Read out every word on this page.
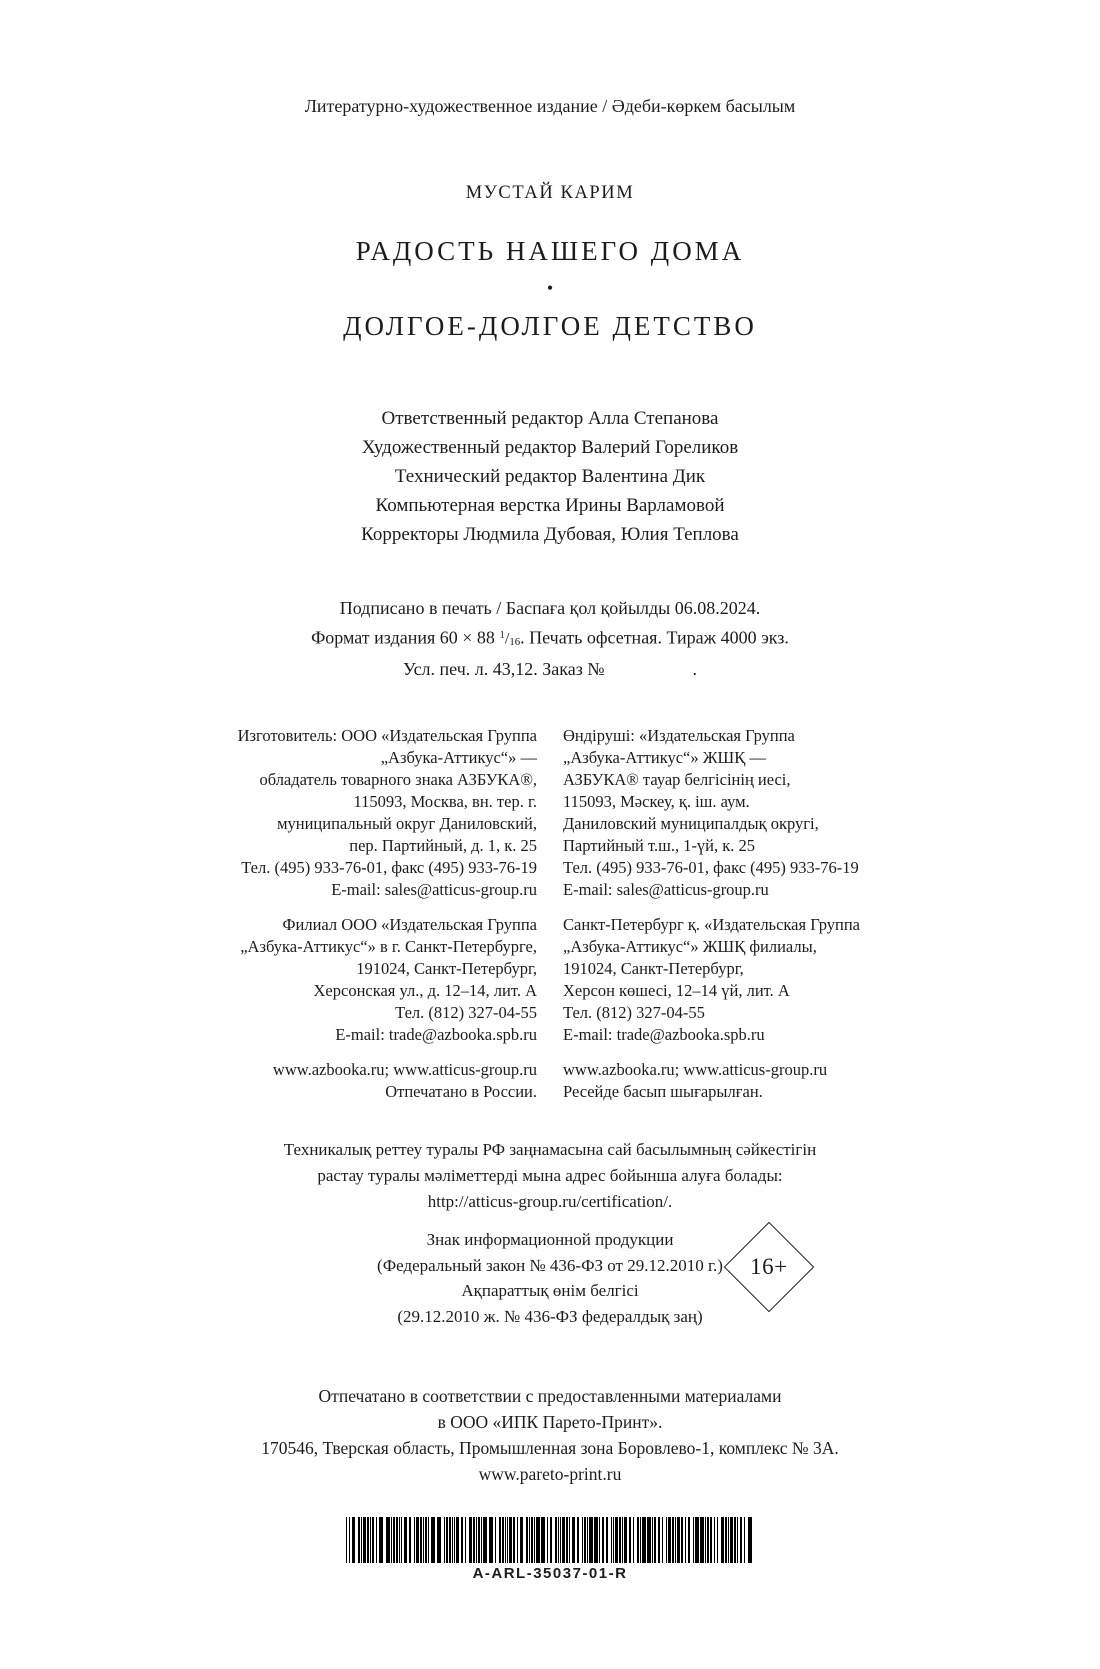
Литературно-художественное издание / Әдеби-көркем басылым
МУСТАЙ КАРИМ
РАДОСТЬ НАШЕГО ДОМА
•
ДОЛГОЕ-ДОЛГОЕ ДЕТСТВО
Ответственный редактор Алла Степанова
Художественный редактор Валерий Гореликов
Технический редактор Валентина Дик
Компьютерная верстка Ирины Варламовой
Корректоры Людмила Дубовая, Юлия Теплова
Подписано в печать / Баспаға қол қойылды 06.08.2024.
Формат издания 60 × 88 $^1$/16. Печать офсетная. Тираж 4000 экз.
Усл. печ. л. 43,12. Заказ №	.
Изготовитель: ООО «Издательская Группа
„Азбука-Аттикус“» —
обладатель товарного знака АЗБУКА®,
115093, Москва, вн. тер. г.
муниципальный округ Даниловский,
пер. Партийный, д. 1, к. 25
Тел. (495) 933-76-01, факс (495) 933-76-19
E-mail: sales@atticus-group.ru
Филиал ООО «Издательская Группа
„Азбука-Аттикус“» в г. Санкт-Петербурге,
191024, Санкт-Петербург,
Херсонская ул., д. 12–14, лит. А
Тел. (812) 327-04-55
E-mail: trade@azbooka.spb.ru
www.azbooka.ru; www.atticus-group.ru
Отпечатано в России.
Өндіруші: «Издательская Группа
„Азбука-Аттикус“» ЖШҚ —
АЗБУКА® тауар белгісінің иесі,
115093, Мәскеу, қ. іш. аум.
Даниловский муниципалдық округі,
Партийный т.ш., 1-үй, к. 25
Тел. (495) 933-76-01, факс (495) 933-76-19
E-mail: sales@atticus-group.ru
Санкт-Петербург қ. «Издательская Группа
„Азбука-Аттикус“» ЖШҚ филиалы,
191024, Санкт-Петербург,
Херсон көшесі, 12–14 үй, лит. А
Тел. (812) 327-04-55
E-mail: trade@azbooka.spb.ru
www.azbooka.ru; www.atticus-group.ru
Ресейде басып шығарылған.
Техникалық реттеу туралы РФ заңнамасына сай басылымның сәйкестігін
растау туралы мәліметтерді мына адрес бойынша алуға болады:
http://atticus-group.ru/certification/.
Знак информационной продукции
(Федеральный закон № 436-ФЗ от 29.12.2010 г.)
Ақпараттық өнім белгісі
(29.12.2010 ж. № 436-ФЗ федералдық заң)
16+
Отпечатано в соответствии с предоставленными материалами
в ООО «ИПК Парето-Принт».
170546, Тверская область, Промышленная зона Боровлево-1, комплекс № 3А.
www.pareto-print.ru
A-ARL-35037-01-R
